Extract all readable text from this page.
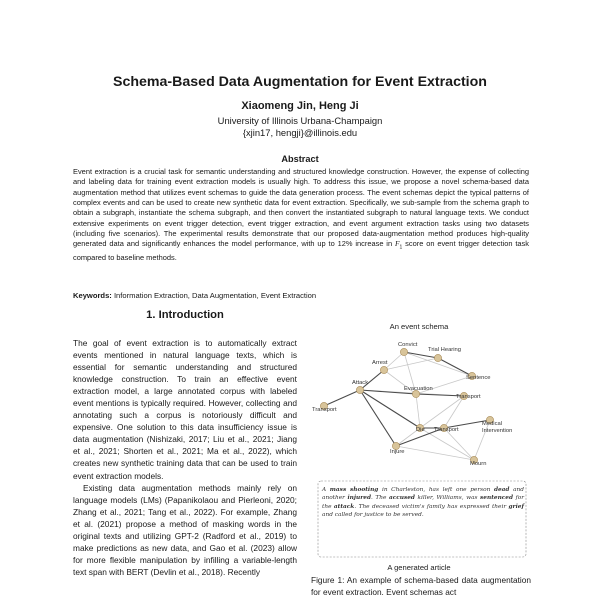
Schema-Based Data Augmentation for Event Extraction
Xiaomeng Jin, Heng Ji
University of Illinois Urbana-Champaign
{xjin17, hengji}@illinois.edu
Abstract
Event extraction is a crucial task for semantic understanding and structured knowledge construction. However, the expense of collecting and labeling data for training event extraction models is usually high. To address this issue, we propose a novel schema-based data augmentation method that utilizes event schemas to guide the data generation process. The event schemas depict the typical patterns of complex events and can be used to create new synthetic data for event extraction. Specifically, we sub-sample from the schema graph to obtain a subgraph, instantiate the schema subgraph, and then convert the instantiated subgraph to natural language texts. We conduct extensive experiments on event trigger detection, event trigger extraction, and event argument extraction tasks using two datasets (including five scenarios). The experimental results demonstrate that our proposed data-augmentation method produces high-quality generated data and significantly enhances the model performance, with up to 12% increase in $F_1$ score on event trigger detection task compared to baseline methods.
Keywords: Information Extraction, Data Augmentation, Event Extraction
1. Introduction

The goal of event extraction is to automatically extract events mentioned in natural language texts, which is essential for semantic understanding and structured knowledge construction. To train an effective event extraction model, a large annotated corpus with labeled event mentions is typically required. However, collecting and annotating such a corpus is notoriously difficult and expensive. One solution to this data insufficiency issue is data augmentation (Nishizaki, 2017; Liu et al., 2021; Jiang et al., 2021; Shorten et al., 2021; Ma et al., 2022), which creates new synthetic training data that can be used to train event extraction models.

Existing data augmentation methods mainly rely on language models (LMs) (Papanikolaou and Pierleoni, 2020; Zhang et al., 2021; Tang et al., 2022). For example, Zhang et al. (2021) propose a method of masking words in the original texts and utilizing GPT-2 (Radford et al., 2019) to make predictions as new data, and Gao et al. (2023) allow for more flexible manipulation by infilling a variable-length text span with BERT (Devlin et al., 2018). Recently

An event schema
Attack
Arrest
Convict
Trial Hearing
Sentence
Evacuation
Transport
Transport
Die Transport
Medical Intervention
Injure
Mourn
A generated article
A mass shooting in Charleston, has left one person dead and another injured. The accused killer, Williams, was sentenced for the attack. The deceased victim's family has expressed their grief and called for justice to be served.
Figure 1: An example of schema-based data augmentation for event extraction. Event schemas act
